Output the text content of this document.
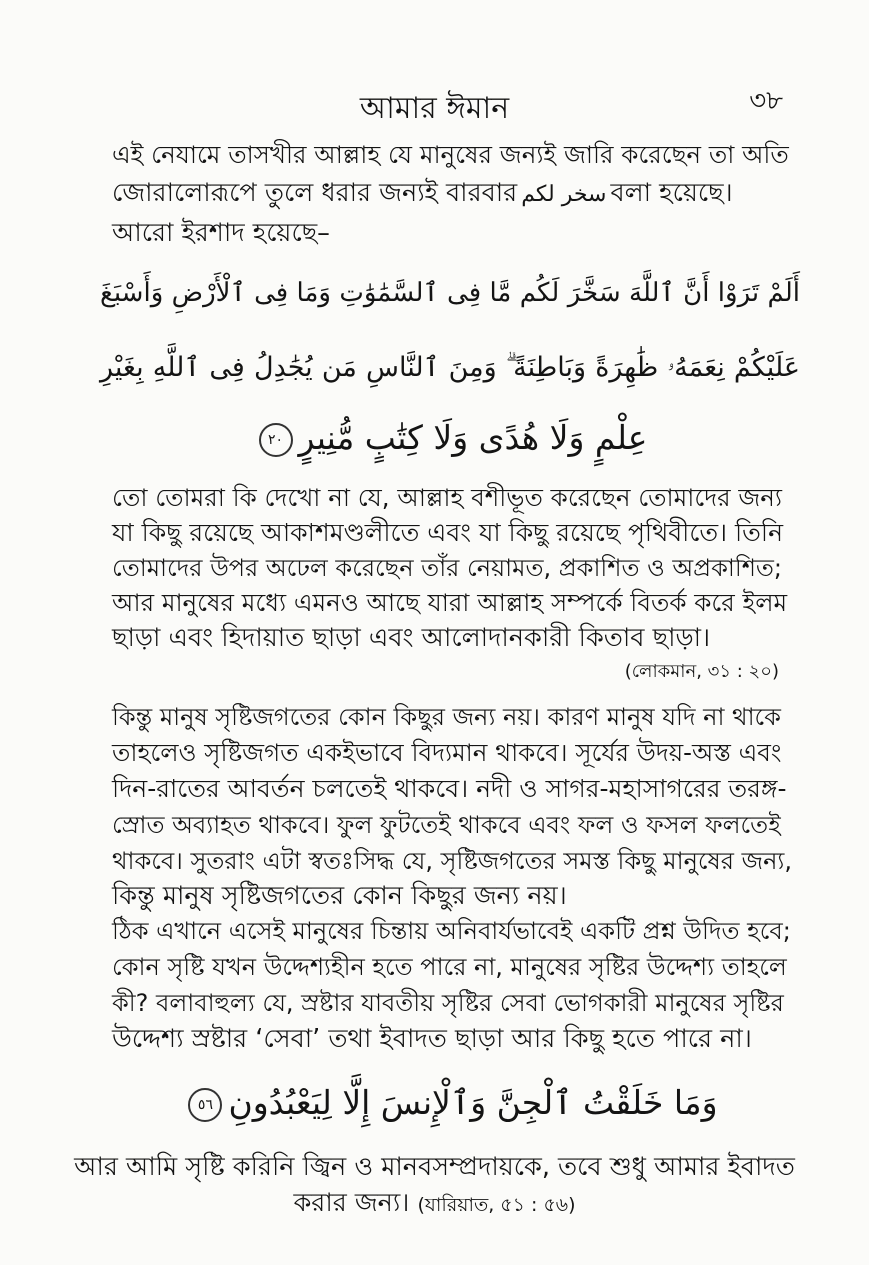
আমার ঈমান	৩৮
এই নেযামে তাসখীর আল্লাহ যে মানুষের জন্যই জারি করেছেন তা অতি
জোরালোরূপে তুলে ধরার জন্যই বারবার سخر لكم বলা হয়েছে।
আরো ইরশাদ হয়েছে–
أَلَمْ تَرَوْا أَنَّ ٱللَّهَ سَخَّرَ لَكُم مَّا فِى ٱلسَّمَٰوَٰتِ وَمَا فِى ٱلْأَرْضِ وَأَسْبَغَ
عَلَيْكُمْ نِعَمَهُۥ ظَٰهِرَةً وَبَاطِنَةً ۗ وَمِنَ ٱلنَّاسِ مَن يُجَٰدِلُ فِى ٱللَّهِ بِغَيْرِ
عِلْمٍ وَلَا هُدًى وَلَا كِتَٰبٍ مُّنِيرٍ٢٠
তো তোমরা কি দেখো না যে, আল্লাহ বশীভূত করেছেন তোমাদের জন্য
যা কিছু রয়েছে আকাশমণ্ডলীতে এবং যা কিছু রয়েছে পৃথিবীতে। তিনি
তোমাদের উপর অঢেল করেছেন তাঁর নেয়ামত, প্রকাশিত ও অপ্রকাশিত;
আর মানুষের মধ্যে এমনও আছে যারা আল্লাহ সম্পর্কে বিতর্ক করে ইলম
ছাড়া এবং হিদায়াত ছাড়া এবং আলোদানকারী কিতাব ছাড়া।
(লোকমান, ৩১ : ২০)
কিন্তু মানুষ সৃষ্টিজগতের কোন কিছুর জন্য নয়। কারণ মানুষ যদি না থাকে
তাহলেও সৃষ্টিজগত একইভাবে বিদ্যমান থাকবে। সূর্যের উদয়-অস্ত এবং
দিন-রাতের আবর্তন চলতেই থাকবে। নদী ও সাগর-মহাসাগরের তরঙ্গ-
স্রোত অব্যাহত থাকবে। ফুল ফুটতেই থাকবে এবং ফল ও ফসল ফলতেই
থাকবে। সুতরাং এটা স্বতঃসিদ্ধ যে, সৃষ্টিজগতের সমস্ত কিছু মানুষের জন্য,
কিন্তু মানুষ সৃষ্টিজগতের কোন কিছুর জন্য নয়।
ঠিক এখানে এসেই মানুষের চিন্তায় অনিবার্যভাবেই একটি প্রশ্ন উদিত হবে;
কোন সৃষ্টি যখন উদ্দেশ্যহীন হতে পারে না, মানুষের সৃষ্টির উদ্দেশ্য তাহলে
কী? বলাবাহুল্য যে, স্রষ্টার যাবতীয় সৃষ্টির সেবা ভোগকারী মানুষের সৃষ্টির
উদ্দেশ্য স্রষ্টার ‘সেবা’ তথা ইবাদত ছাড়া আর কিছু হতে পারে না।
وَمَا خَلَقْتُ ٱلْجِنَّ وَٱلْإِنسَ إِلَّا لِيَعْبُدُونِ٥٦
আর আমি সৃষ্টি করিনি জ্বিন ও মানবসম্প্রদায়কে, তবে শুধু আমার ইবাদত
করার জন্য। (যারিয়াত, ৫১ : ৫৬)
